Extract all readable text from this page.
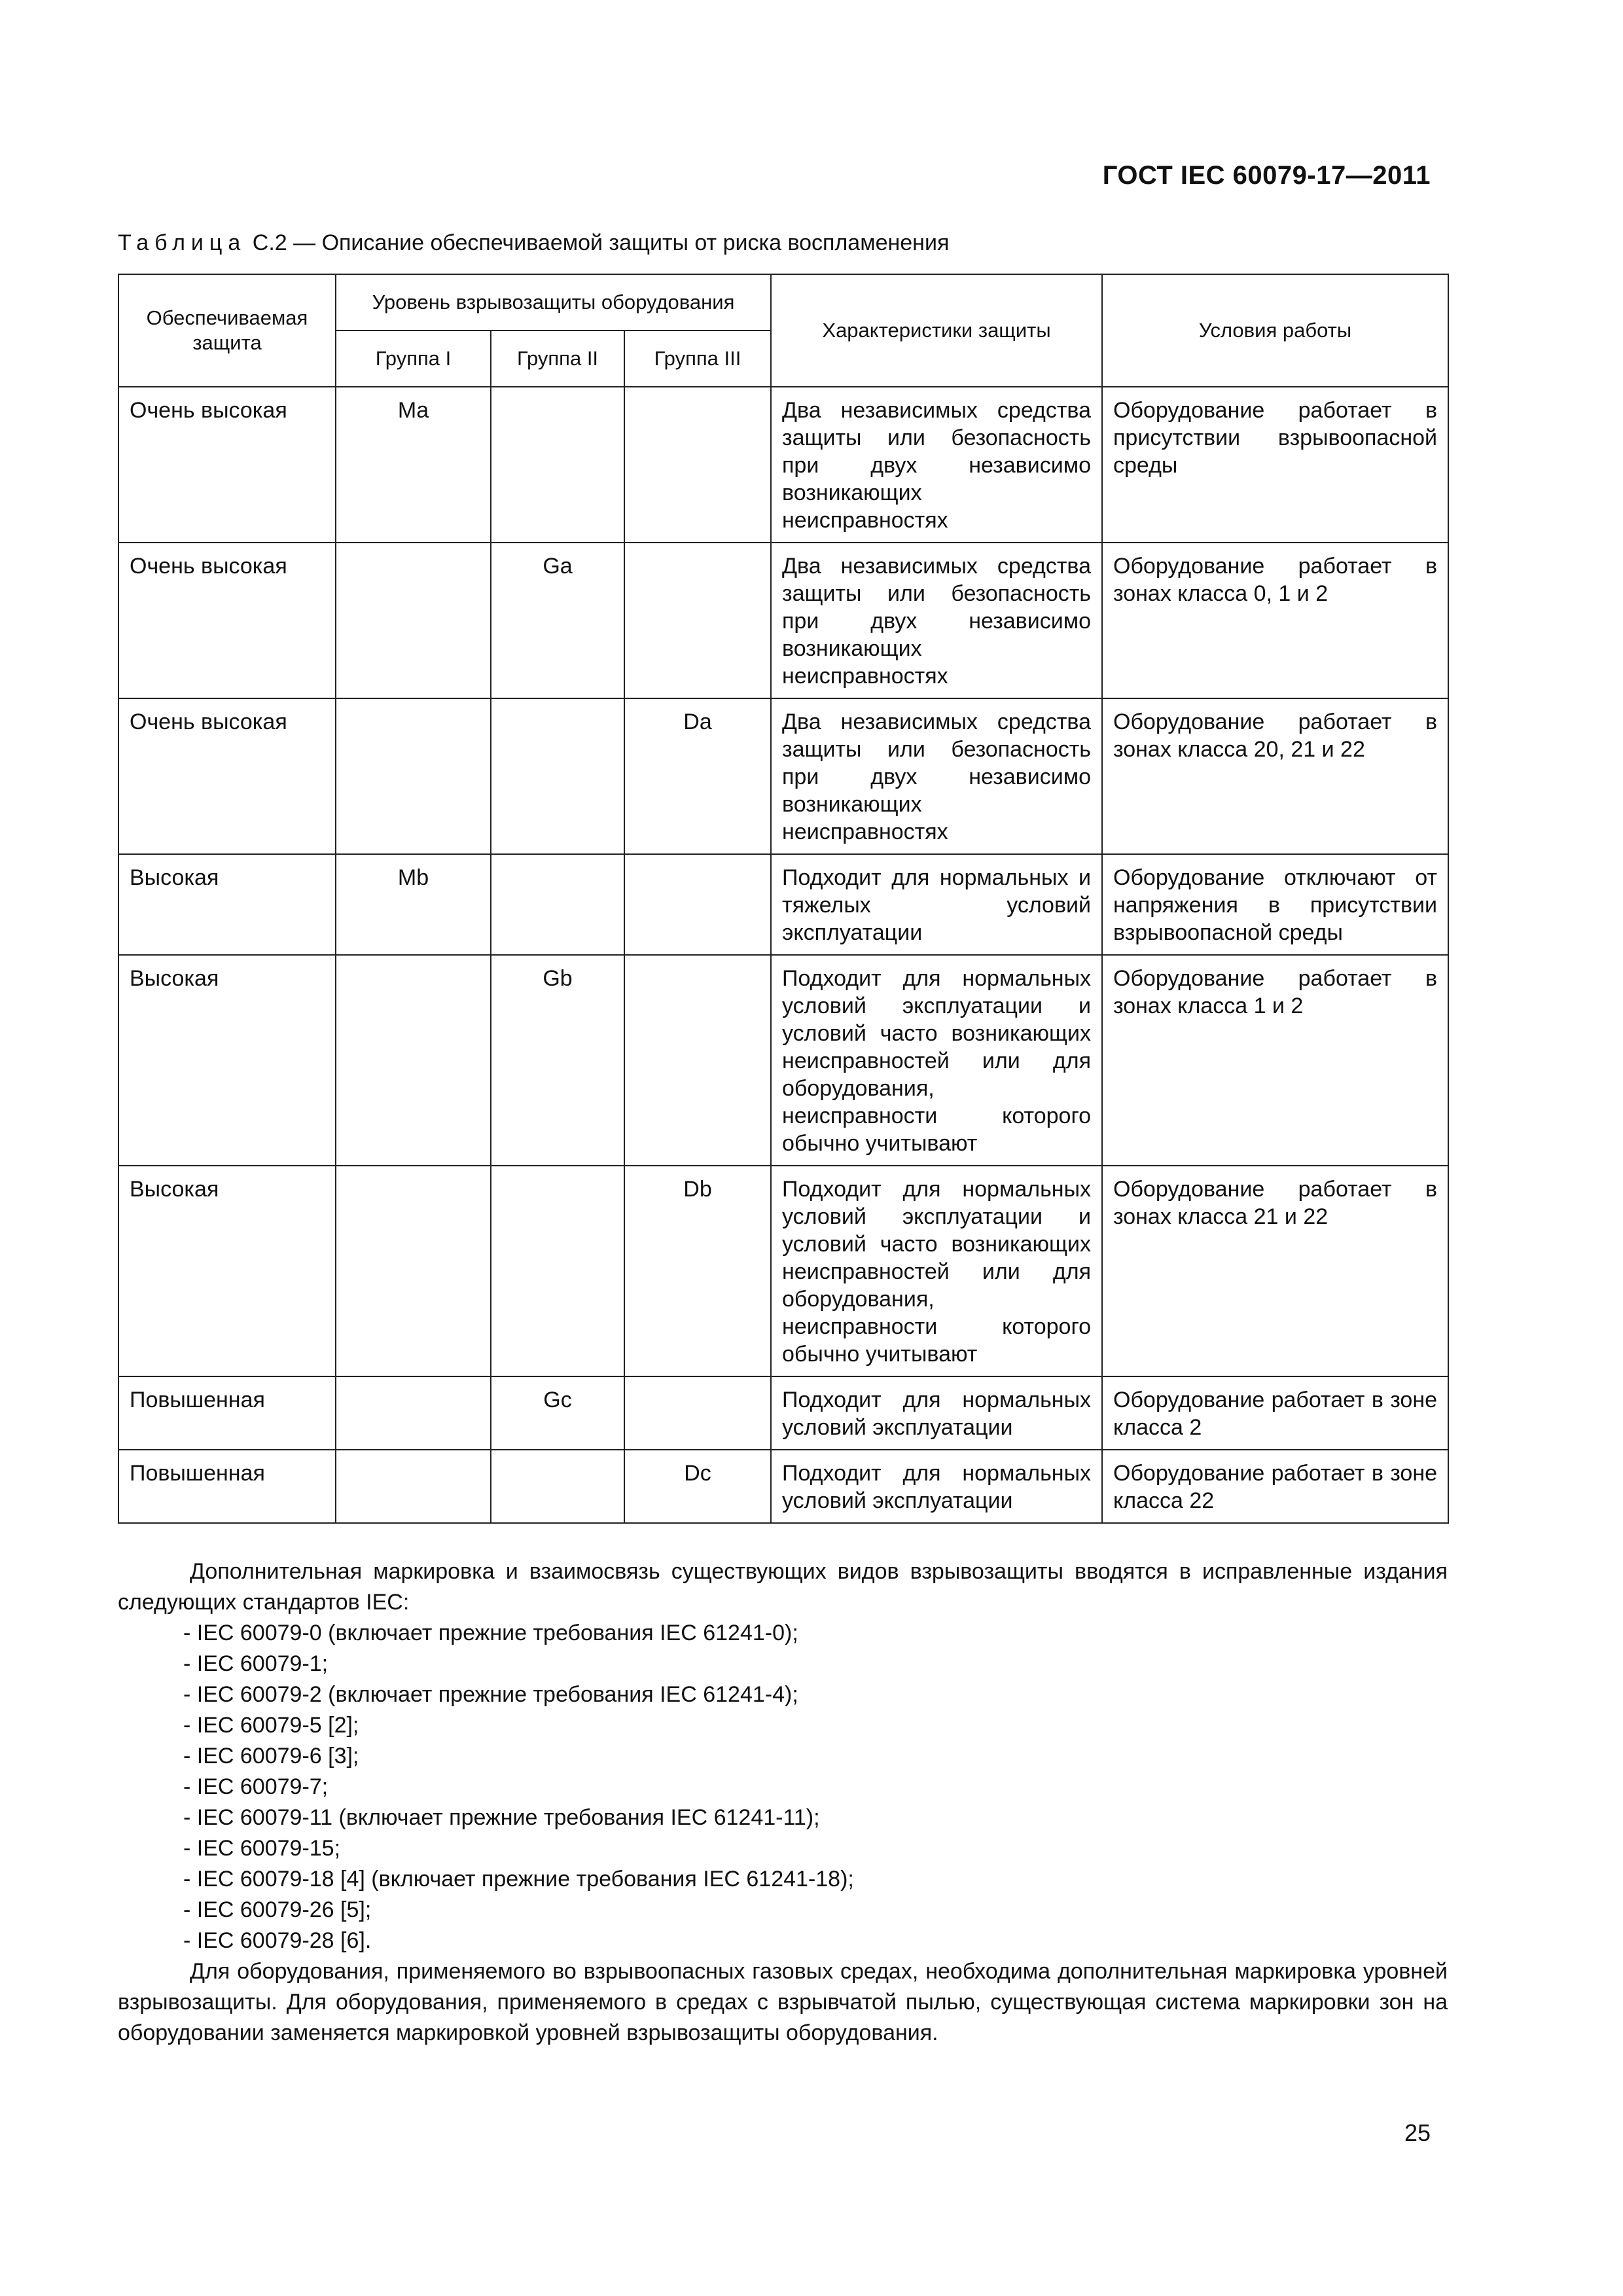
ГОСТ IEC 60079-17—2011
Таблица С.2 — Описание обеспечиваемой защиты от риска воспламенения
Обеспечиваемая защита	Уровень взрывозащиты оборудования			Характеристики защиты	Условия работы
	Группа I	Группа II	Группа III		
Очень высокая	Ma			Два независимых средства защиты или безопасность при двух независимо возникающих неисправностях	Оборудование работает в присутствии взрывоопасной среды
Очень высокая		Ga		Два независимых средства защиты или безопасность при двух независимо возникающих неисправностях	Оборудование работает в зонах класса 0, 1 и 2
Очень высокая			Da	Два независимых средства защиты или безопасность при двух независимо возникающих неисправностях	Оборудование работает в зонах класса 20, 21 и 22
Высокая	Mb			Подходит для нормальных и тяжелых условий эксплуатации	Оборудование отключают от напряжения в присутствии взрывоопасной среды
Высокая		Gb		Подходит для нормальных условий эксплуатации и условий часто возникающих неисправностей или для оборудования, неисправности которого обычно учитывают	Оборудование работает в зонах класса 1 и 2
Высокая			Db	Подходит для нормальных условий эксплуатации и условий часто возникающих неисправностей или для оборудования, неисправности которого обычно учитывают	Оборудование работает в зонах класса 21 и 22
Повышенная		Gc		Подходит для нормальных условий эксплуатации	Оборудование работает в зоне класса 2
Повышенная			Dc	Подходит для нормальных условий эксплуатации	Оборудование работает в зоне класса 22

Дополнительная маркировка и взаимосвязь существующих видов взрывозащиты вводятся в исправленные издания следующих стандартов IEC:

- IEC 60079-0 (включает прежние требования IEC 61241-0);
- IEC 60079-1;
- IEC 60079-2 (включает прежние требования IEC 61241-4);
- IEC 60079-5 [2];
- IEC 60079-6 [3];
- IEC 60079-7;
- IEC 60079-11 (включает прежние требования IEC 61241-11);
- IEC 60079-15;
- IEC 60079-18 [4] (включает прежние требования IEC 61241-18);
- IEC 60079-26 [5];
- IEC 60079-28 [6].

Для оборудования, применяемого во взрывоопасных газовых средах, необходима дополнительная маркировка уровней взрывозащиты. Для оборудования, применяемого в средах с взрывчатой пылью, существующая система маркировки зон на оборудовании заменяется маркировкой уровней взрывозащиты оборудования.

25
